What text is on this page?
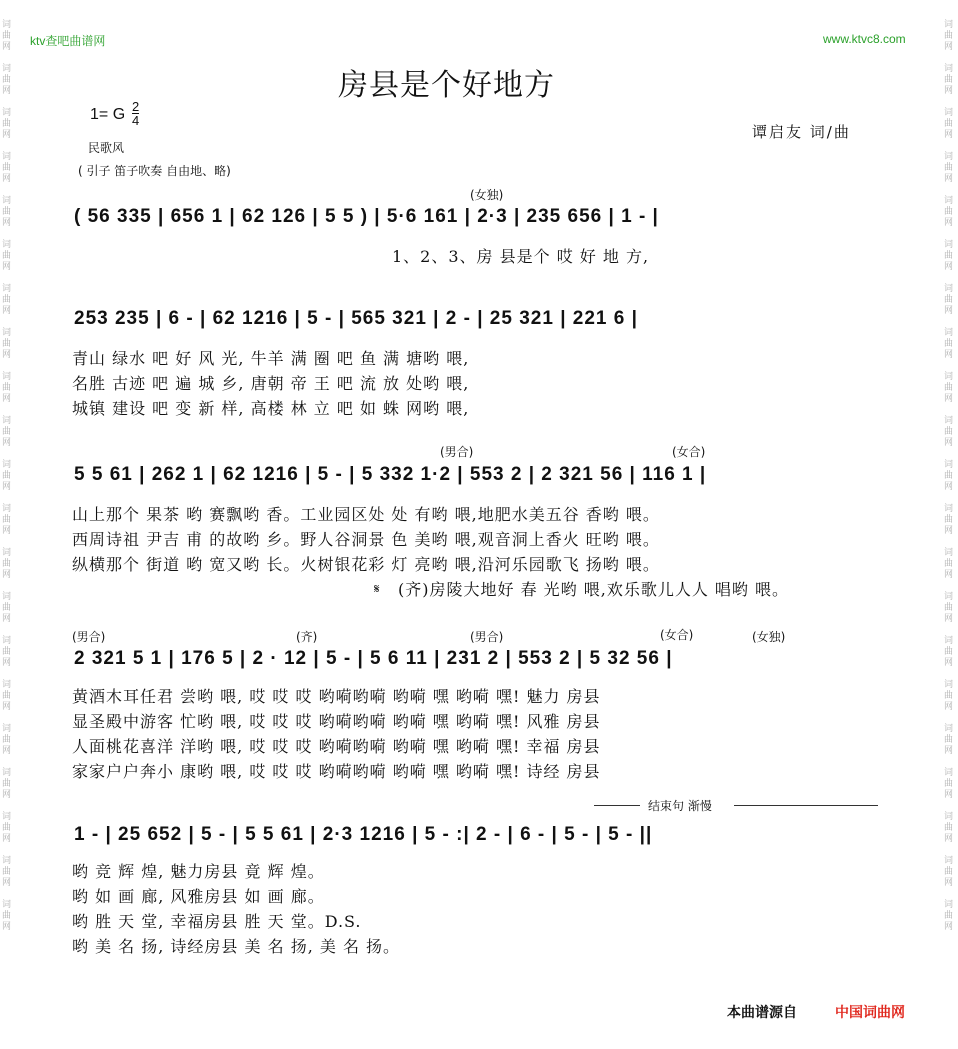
词
曲
网
词
曲
网
词
曲
网
词
曲
网
词
曲
网
词
曲
网
词
曲
网
词
曲
网
词
曲
网
词
曲
网
词
曲
网
词
曲
网
词
曲
网
词
曲
网
词
曲
网
词
曲
网
词
曲
网
词
曲
网
词
曲
网
词
曲
网
词
曲
网
词
曲
网
词
曲
网
词
曲
网
词
曲
网
词
曲
网
词
曲
网
词
曲
网
词
曲
网
词
曲
网
词
曲
网
词
曲
网
词
曲
网
词
曲
网
词
曲
网
词
曲
网
词
曲
网
词
曲
网
词
曲
网
词
曲
网
词
曲
网
词
曲
网
ktv查吧曲谱网	www.ktvc8.com
房县是个好地方
1= G 2
4
民歌风
( 引子 笛子吹奏 自由地、略)
谭启友 词/曲
(女独)
( 56 335 | 656 1 | 62 126 | 5 5 ) | 5·6 161 | 2·3 | 235 656 | 1 - |
1、2、3、房 县是个 哎 好 地 方,
253 235 | 6 - | 62 1216 | 5 - | 565 321 | 2 - | 25 321 | 221 6 |
青山 绿水 吧 好 风 光, 牛羊 满 圈 吧 鱼 满 塘哟 喂,
名胜 古迹 吧 遍 城 乡, 唐朝 帝 王 吧 流 放 处哟 喂,
城镇 建设 吧 变 新 样, 高楼 林 立 吧 如 蛛 网哟 喂,
(男合)	(女合)
5 5 61 | 262 1 | 62 1216 | 5 - | 5 332 1·2 | 553 2 | 2 321 56 | 116 1 |
山上那个 果茶 哟 赛飘哟 香。工业园区处 处 有哟 喂,地肥水美五谷 香哟 喂。
西周诗祖 尹吉 甫 的故哟 乡。野人谷洞景 色 美哟 喂,观音洞上香火 旺哟 喂。
纵横那个 街道 哟 宽又哟 长。火树银花彩 灯 亮哟 喂,沿河乐园歌飞 扬哟 喂。
𝄋 (齐)房陵大地好 春 光哟 喂,欢乐歌儿人人 唱哟 喂。
(男合)	(齐)	(男合)	(女合)	(女独)
2 321 5 1 | 176 5 | 2 · 12 | 5 - | 5 6 11 | 231 2 | 553 2 | 5 32 56 |
黄酒木耳任君 尝哟 喂, 哎 哎 哎 哟嗬哟嗬 哟嗬 嘿 哟嗬 嘿! 魅力 房县
显圣殿中游客 忙哟 喂, 哎 哎 哎 哟嗬哟嗬 哟嗬 嘿 哟嗬 嘿! 风雅 房县
人面桃花喜洋 洋哟 喂, 哎 哎 哎 哟嗬哟嗬 哟嗬 嘿 哟嗬 嘿! 幸福 房县
家家户户奔小 康哟 喂, 哎 哎 哎 哟嗬哟嗬 哟嗬 嘿 哟嗬 嘿! 诗经 房县
结束句 渐慢
1 - | 25 652 | 5 - | 5 5 61 | 2·3 1216 | 5 - :| 2 - | 6 - | 5 - | 5 - ||
哟 竞 辉 煌, 魅力房县 竟 辉 煌。
哟 如 画 廊, 风雅房县 如 画 廊。
哟 胜 天 堂, 幸福房县 胜 天 堂。D.S.
哟 美 名 扬, 诗经房县 美 名 扬, 美 名 扬。
本曲谱源自	中国词曲网
